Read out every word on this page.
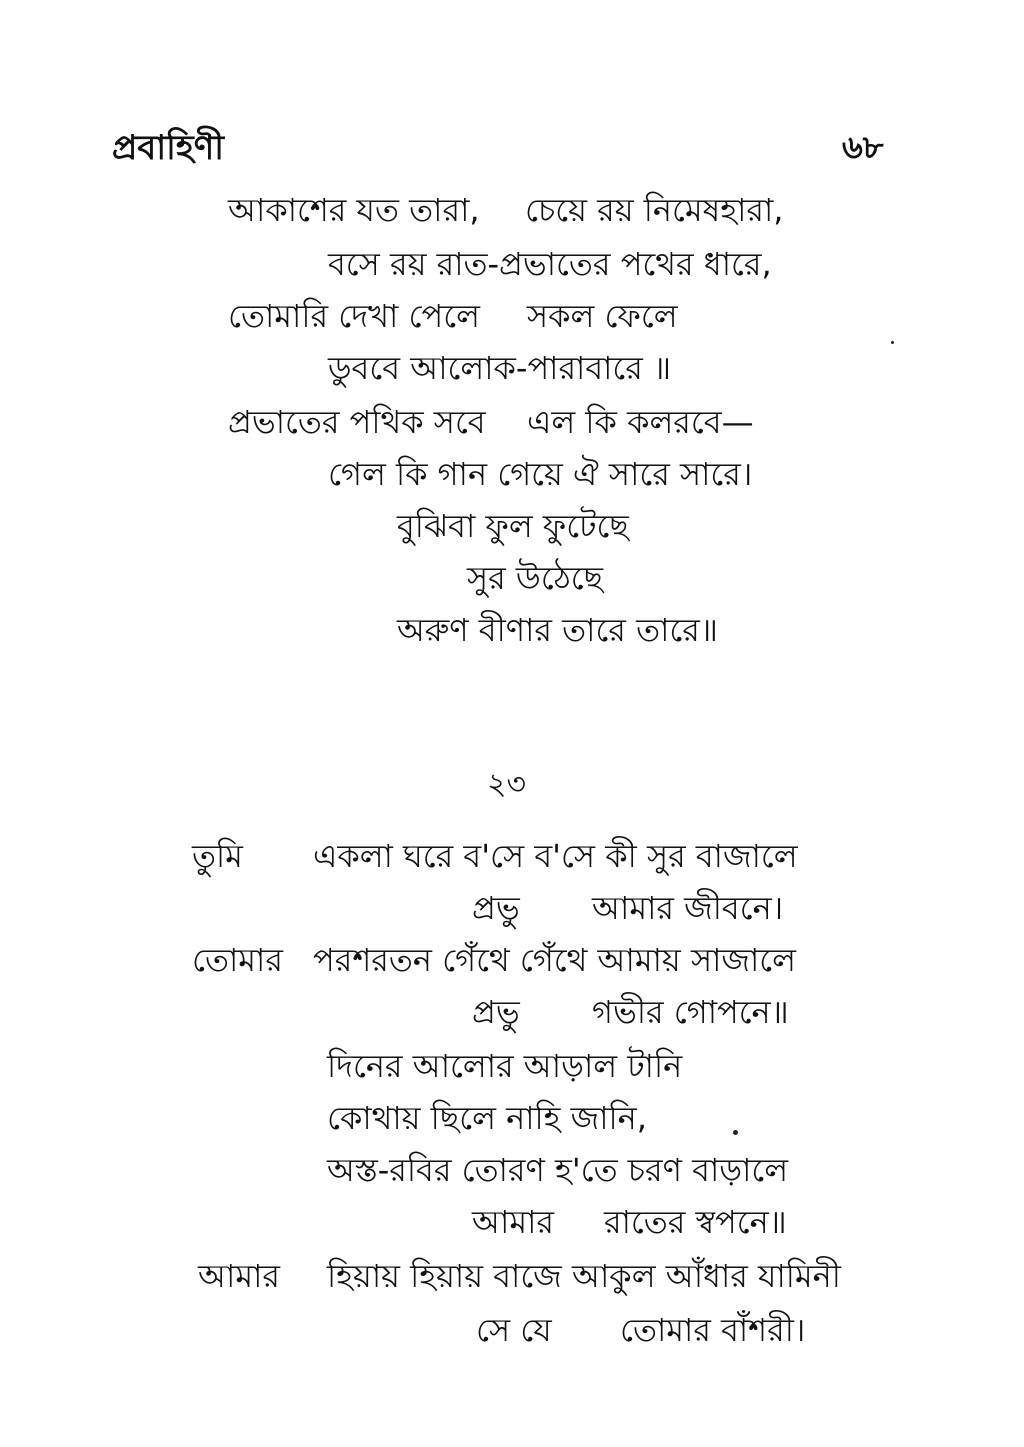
প্রবাহিণী	৬৮
আকাশের যত তারা, চেয়ে রয় নিমেষহারা,
বসে রয় রাত-প্রভাতের পথের ধারে,
তোমারি দেখা পেলে সকল ফেলে
ডুববে আলোক-পারাবারে ॥
প্রভাতের পথিক সবে এল কি কলরবে—
গেল কি গান গেয়ে ঐ সারে সারে।
বুঝিবা ফুল ফুটেছে
সুর উঠেছে
অরুণ বীণার তারে তারে॥
২৩
তুমি একলা ঘরে ব'সে ব'সে কী সুর বাজালে
প্রভু আমার জীবনে।
তোমার পরশরতন গেঁথে গেঁথে আমায় সাজালে
প্রভু গভীর গোপনে॥
দিনের আলোর আড়াল টানি
কোথায় ছিলে নাহি জানি,
অস্ত-রবির তোরণ হ'তে চরণ বাড়ালে
আমার রাতের স্বপনে॥
আমার হিয়ায় হিয়ায় বাজে আকুল আঁধার যামিনী
সে যে তোমার বাঁশরী।
